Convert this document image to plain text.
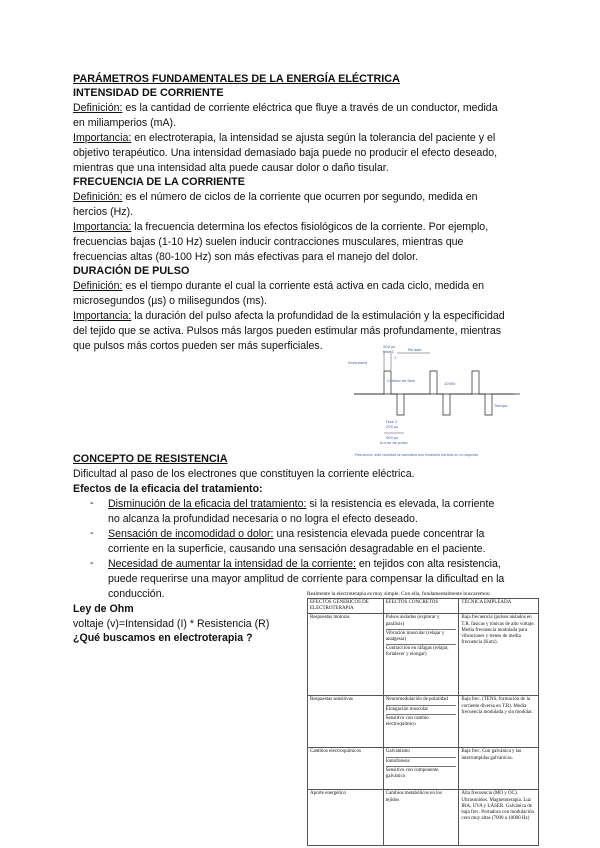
PARÁMETROS FUNDAMENTALES DE LA ENERGÍA ELÉCTRICA
INTENSIDAD DE CORRIENTE
Definición: es la cantidad de corriente eléctrica que fluye a través de un conductor, medida
en miliamperios (mA).
Importancia: en electroterapia, la intensidad se ajusta según la tolerancia del paciente y el
objetivo terapéutico. Una intensidad demasiado baja puede no producir el efecto deseado,
mientras que una intensidad alta puede causar dolor o daño tisular.
FRECUENCIA DE LA CORRIENTE
Definición: es el número de ciclos de la corriente que ocurren por segundo, medida en
hercios (Hz).
Importancia: la frecuencia determina los efectos fisiológicos de la corriente. Por ejemplo,
frecuencias bajas (1-10 Hz) suelen inducir contracciones musculares, mientras que
frecuencias altas (80-100 Hz) son más efectivas para el manejo del dolor.
DURACIÓN DE PULSO
Definición: es el tiempo durante el cual la corriente está activa en cada ciclo, medida en
microsegundos (µs) o milisegundos (ms).
Importancia: la duración del pulso afecta la profundidad de la estimulación y la especificidad
del tejido que se activa. Pulsos más largos pueden estimular más profundamente, mientras
que pulsos más cortos pueden ser más superficiales.	200 µs
fase 1	Periodo
Intensidad
1
Cambio de fase
10000
Tiempo
Fase 2
200 µs
400 µs
Ancho de pulso
Frecuencia: este cantidad se considera que mediante periodo en un segundo
CONCEPTO DE RESISTENCIA
Dificultad al paso de los electrones que constituyen la corriente eléctrica.
Efectos de la eficacia del tratamiento:
- Disminución de la eficacia del tratamiento: si la resistencia es elevada, la corriente
no alcanza la profundidad necesaria o no logra el efecto deseado.
- Sensación de incomodidad o dolor: una resistencia elevada puede concentrar la
corriente en la superficie, causando una sensación desagradable en el paciente.
- Necesidad de aumentar la intensidad de la corriente: en tejidos con alta resistencia,
puede requerirse una mayor amplitud de corriente para compensar la dificultad en la
conducción.
Ley de Ohm
voltaje (v)=Intensidad (I) * Resistencia (R)
¿Qué buscamos en electroterapia ?
Realmente la electroterapia es muy simple. Con ella, fundamentalmente buscaremos:
EFECTOS GENERICOS DE ELECTROTERAPIA	EFECTOS CONCRETOS	TÉCNICA EMPLEADA
Respuestas motoras	Pulsos aislados (explorar y parálisis)
Vibración muscular (relajar y analgesia)
Contracción en ráfagas (relajar, fortalecer y elongar)	Baja frecuencia (pulsos aislados en T.R. fásicas y tónicas de alto voltaje. Media frecuencia modulada para vibraciones y trenes de media frecuencia (Kotz).
Respuestas sensitivas	Neuromodulación de polaridad
Elongación muscular
Sensitivo con cambio electroquímico	Baja frec. (TENS, formación de la corriente diversa en T.R). Media frecuencia modulada y sin modular.
Cambios electroquímicos	Galvanismo
Iontoforesis
Sensitivo con componente galvánico	Baja frec. Con galvánica y las interrumpidas galvánicas.
Aporte energético	Cambios metabólicos en los tejidos	Alta frecuencia (MO y OC). Ultrasonidos. Magnetoterapia. Luz IRA, UVA y LÁSER. Galvánica de baja frec. Portadora con modulación cero muy altas (7000 a 10000 Hz)
